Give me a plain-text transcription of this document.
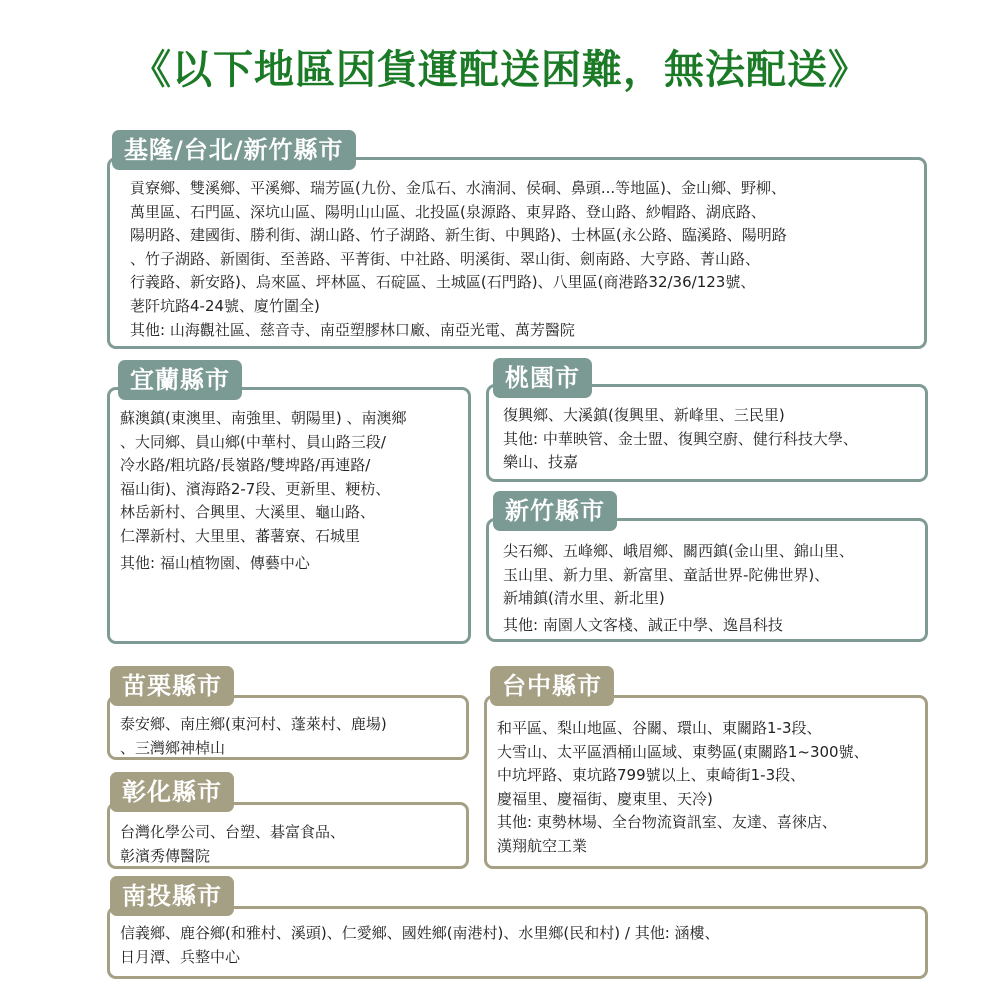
《以下地區因貨運配送困難，無法配送》
基隆/台北/新竹縣市
貢寮鄉、雙溪鄉、平溪鄉、瑞芳區(九份、金瓜石、水湳洞、侯硐、鼻頭...等地區)、金山鄉、野柳、
萬里區、石門區、深坑山區、陽明山山區、北投區(泉源路、東昇路、登山路、紗帽路、湖底路、
陽明路、建國街、勝利街、湖山路、竹子湖路、新生街、中興路)、士林區(永公路、臨溪路、陽明路
、竹子湖路、新園街、至善路、平菁街、中社路、明溪街、翠山街、劍南路、大亨路、菁山路、
行義路、新安路)、烏來區、坪林區、石碇區、土城區(石門路)、八里區(商港路32/36/123號、
荖阡坑路4-24號、廈竹圍全)
其他: 山海觀社區、慈音寺、南亞塑膠林口廠、南亞光電、萬芳醫院
宜蘭縣市
蘇澳鎮(東澳里、南強里、朝陽里) 、南澳鄉
、大同鄉、員山鄉(中華村、員山路三段/
冷水路/粗坑路/長嶺路/雙埤路/再連路/
福山街)、濱海路2-7段、更新里、粳枋、
林岳新村、合興里、大溪里、龜山路、
仁澤新村、大里里、蕃薯寮、石城里
其他: 福山植物園、傳藝中心
桃園市
復興鄉、大溪鎮(復興里、新峰里、三民里)
其他: 中華映管、金士盟、復興空廚、健行科技大學、
樂山、技嘉
新竹縣市
尖石鄉、五峰鄉、峨眉鄉、關西鎮(金山里、錦山里、
玉山里、新力里、新富里、童話世界-陀佛世界)、
新埔鎮(清水里、新北里)
其他: 南園人文客棧、誠正中學、逸昌科技
苗栗縣市
泰安鄉、南庄鄉(東河村、蓬萊村、鹿場)
、三灣鄉神棹山
台中縣市
和平區、梨山地區、谷關、環山、東關路1-3段、
大雪山、太平區酒桶山區域、東勢區(東關路1~300號、
中坑坪路、東坑路799號以上、東崎街1-3段、
慶福里、慶福街、慶東里、天冷)
其他: 東勢林場、全台物流資訊室、友達、喜徠店、
漢翔航空工業
彰化縣市
台灣化學公司、台塑、碁富食品、
彰濱秀傳醫院
南投縣市
信義鄉、鹿谷鄉(和雅村、溪頭)、仁愛鄉、國姓鄉(南港村)、水里鄉(民和村) / 其他: 涵樓、
日月潭、兵整中心
